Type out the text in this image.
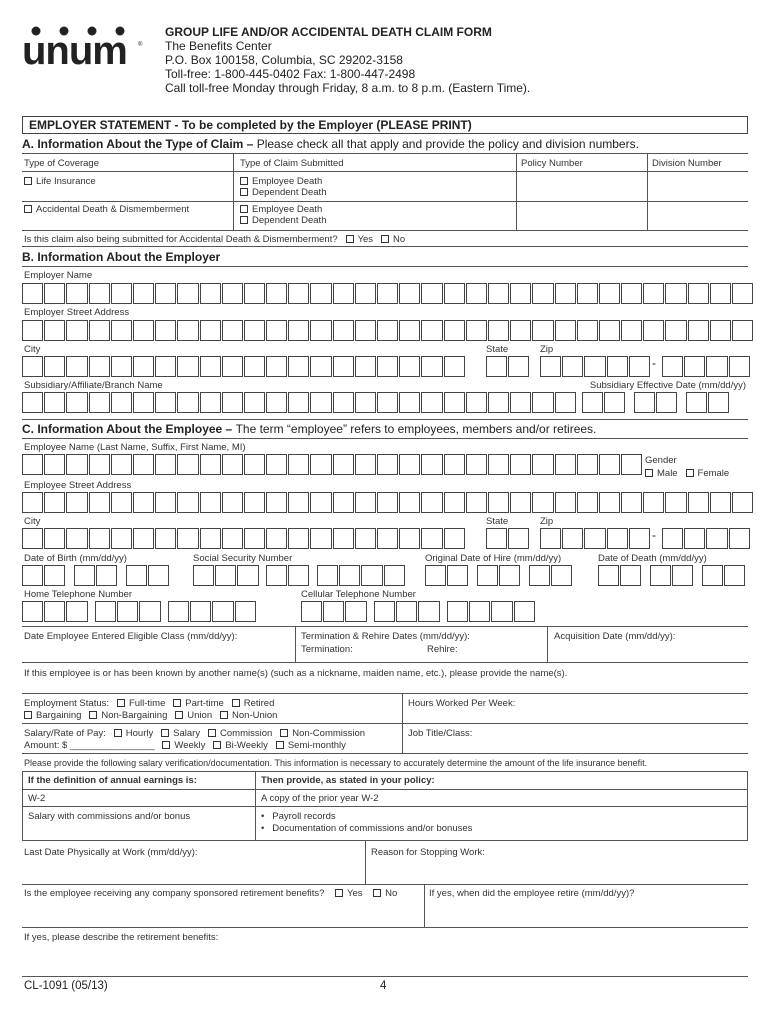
unum ®
GROUP LIFE AND/OR ACCIDENTAL DEATH CLAIM FORM
The Benefits Center
P.O. Box 100158, Columbia, SC 29202-3158
Toll-free: 1-800-445-0402 Fax: 1-800-447-2498
Call toll-free Monday through Friday, 8 a.m. to 8 p.m. (Eastern Time).
EMPLOYER STATEMENT - To be completed by the Employer (PLEASE PRINT)
A. Information About the Type of Claim – Please check all that apply and provide the policy and division numbers.
Type of Coverage	Type of Claim Submitted	Policy Number	Division Number
Life Insurance	Employee Death
Dependent Death
Accidental Death & Dismemberment	Employee Death
Dependent Death
Is this claim also being submitted for Accidental Death & Dismemberment? Yes No
B. Information About the Employer
Employer Name
Employer Street Address
City	State	Zip
-
Subsidiary/Affiliate/Branch Name	Subsidiary Effective Date (mm/dd/yy)
C. Information About the Employee – The term “employee” refers to employees, members and/or retirees.
Employee Name (Last Name, Suffix, First Name, MI)
Gender
Male Female
Employee Street Address
City	State	Zip
-
Date of Birth (mm/dd/yy)	Social Security Number	Original Date of Hire (mm/dd/yy)	Date of Death (mm/dd/yy)
Home Telephone Number	Cellular Telephone Number
Date Employee Entered Eligible Class (mm/dd/yy):	Termination & Rehire Dates (mm/dd/yy):
Termination:	Rehire:
Acquisition Date (mm/dd/yy):
If this employee is or has been known by another name(s) (such as a nickname, maiden name, etc.), please provide the name(s).
Employment Status: Full-time Part-time Retired
Bargaining Non-Bargaining Union Non-Union
Hours Worked Per Week:
Salary/Rate of Pay: Hourly Salary Commission Non-Commission
Amount: $ ________________ Weekly Bi-Weekly Semi-monthly
Job Title/Class:
Please provide the following salary verification/documentation. This information is necessary to accurately determine the amount of the life insurance benefit.
If the definition of annual earnings is:	Then provide, as stated in your policy:
W-2	A copy of the prior year W-2
Salary with commissions and/or bonus	•   Payroll records
•   Documentation of commissions and/or bonuses
Last Date Physically at Work (mm/dd/yy):	Reason for Stopping Work:
Is the employee receiving any company sponsored retirement benefits? Yes No	If yes, when did the employee retire (mm/dd/yy)?
If yes, please describe the retirement benefits:
CL-1091 (05/13)	4
